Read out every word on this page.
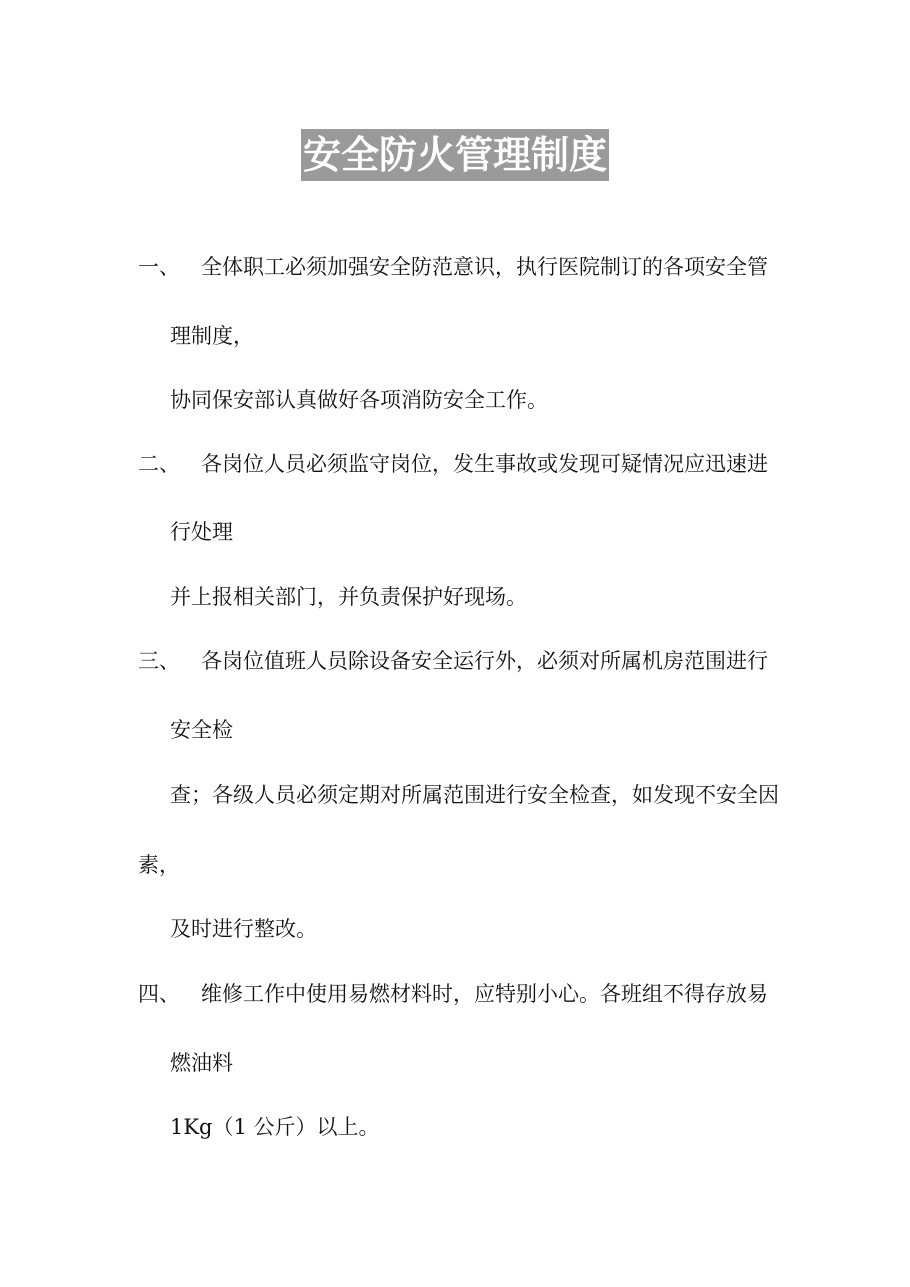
安全防火管理制度
一、 全体职工必须加强安全防范意识，执行医院制订的各项安全管
理制度，
协同保安部认真做好各项消防安全工作。
二、 各岗位人员必须监守岗位，发生事故或发现可疑情况应迅速进
行处理
并上报相关部门，并负责保护好现场。
三、 各岗位值班人员除设备安全运行外，必须对所属机房范围进行
安全检
查；各级人员必须定期对所属范围进行安全检查，如发现不安全因
素，
及时进行整改。
四、 维修工作中使用易燃材料时，应特别小心。各班组不得存放易
燃油料
1Kg（1 公斤）以上。
